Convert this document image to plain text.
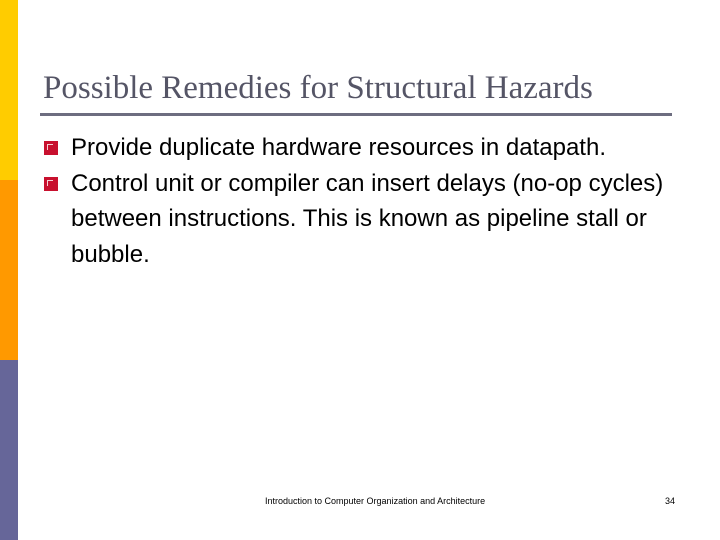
Possible Remedies for Structural Hazards
Provide duplicate hardware resources in datapath.
Control unit or compiler can insert delays (no-op cycles) between instructions. This is known as pipeline stall or bubble.
Introduction to Computer Organization and Architecture	34
